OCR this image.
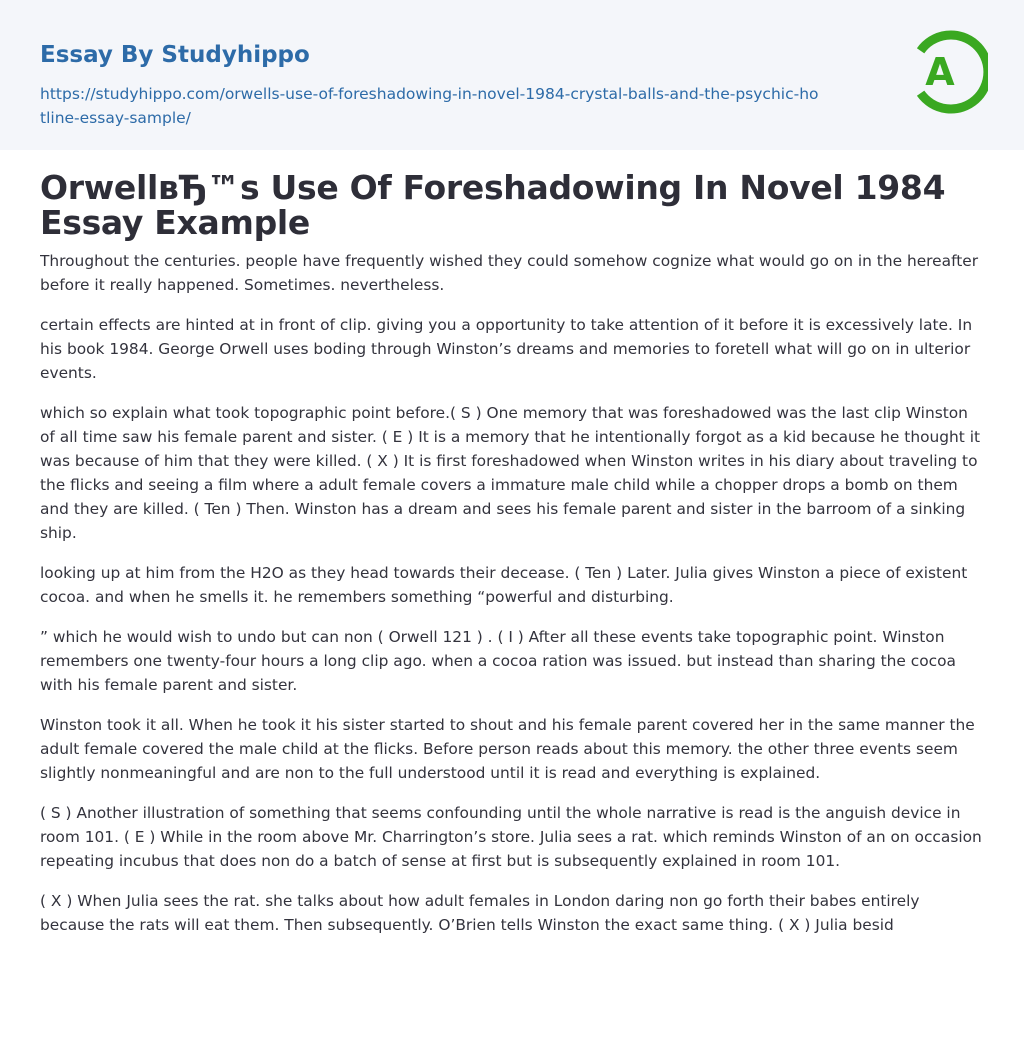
Essay By Studyhippo
https://studyhippo.com/orwells-use-of-foreshadowing-in-novel-1984-crystal-balls-and-the-psychic-hotline-essay-sample/
A
OrwellвЂ™s Use Of Foreshadowing In Novel 1984 Essay Example

Throughout the centuries. people have frequently wished they could somehow cognize what would go on in the hereafter before it really happened. Sometimes. nevertheless.

certain effects are hinted at in front of clip. giving you a opportunity to take attention of it before it is excessively late. In his book 1984. George Orwell uses boding through Winston’s dreams and memories to foretell what will go on in ulterior events.

which so explain what took topographic point before.( S ) One memory that was foreshadowed was the last clip Winston of all time saw his female parent and sister. ( E ) It is a memory that he intentionally forgot as a kid because he thought it was because of him that they were killed. ( X ) It is first foreshadowed when Winston writes in his diary about traveling to the flicks and seeing a film where a adult female covers a immature male child while a chopper drops a bomb on them and they are killed. ( Ten ) Then. Winston has a dream and sees his female parent and sister in the barroom of a sinking ship.

looking up at him from the H2O as they head towards their decease. ( Ten ) Later. Julia gives Winston a piece of existent cocoa. and when he smells it. he remembers something “powerful and disturbing.

” which he would wish to undo but can non ( Orwell 121 ) . ( I ) After all these events take topographic point. Winston remembers one twenty-four hours a long clip ago. when a cocoa ration was issued. but instead than sharing the cocoa with his female parent and sister.

Winston took it all. When he took it his sister started to shout and his female parent covered her in the same manner the adult female covered the male child at the flicks. Before person reads about this memory. the other three events seem slightly nonmeaningful and are non to the full understood until it is read and everything is explained.

( S ) Another illustration of something that seems confounding until the whole narrative is read is the anguish device in room 101. ( E ) While in the room above Mr. Charrington’s store. Julia sees a rat. which reminds Winston of an on occasion repeating incubus that does non do a batch of sense at first but is subsequently explained in room 101.

( X ) When Julia sees the rat. she talks about how adult females in London daring non go forth their babes entirely because the rats will eat them. Then subsequently. O’Brien tells Winston the exact same thing. ( X ) Julia besid
